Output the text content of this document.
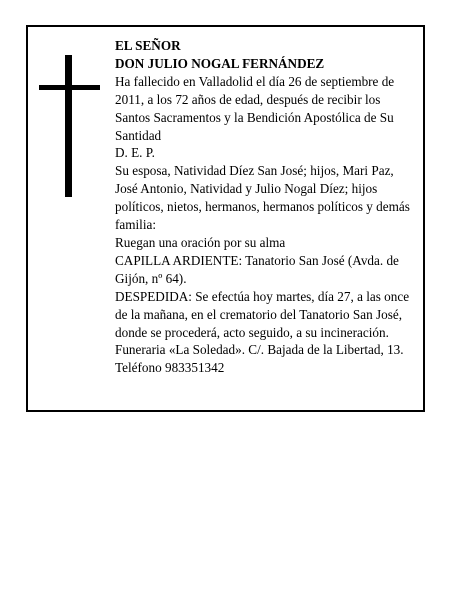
EL SEÑOR

DON JULIO NOGAL FERNÁNDEZ

Ha fallecido en Valladolid el día 26 de septiembre de 2011, a los 72 años de edad, después de recibir los Santos Sacramentos y la Bendición Apostólica de Su Santidad

D. E. P.

Su esposa, Natividad Díez San José; hijos, Mari Paz, José Antonio, Natividad y Julio Nogal Díez; hijos políticos, nietos, hermanos, hermanos políticos y demás familia:

Ruegan una oración por su alma

CAPILLA ARDIENTE: Tanatorio San José (Avda. de Gijón, nº 64).

DESPEDIDA: Se efectúa hoy martes, día 27, a las once de la mañana, en el crematorio del Tanatorio San José, donde se procederá, acto seguido, a su incineración.

Funeraria «La Soledad». C/. Bajada de la Libertad, 13. Teléfono 983351342
